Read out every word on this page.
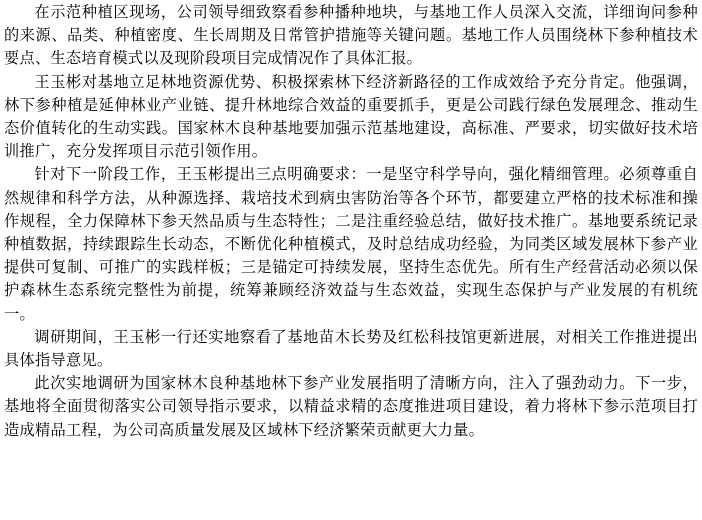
在示范种植区现场，公司领导细致察看参种播种地块，与基地工作人员深入交流，详细询问参种的来源、品类、种植密度、生长周期及日常管护措施等关键问题。基地工作人员围绕林下参种植技术要点、生态培育模式以及现阶段项目完成情况作了具体汇报。

王玉彬对基地立足林地资源优势、积极探索林下经济新路径的工作成效给予充分肯定。他强调，林下参种植是延伸林业产业链、提升林地综合效益的重要抓手，更是公司践行绿色发展理念、推动生态价值转化的生动实践。国家林木良种基地要加强示范基地建设，高标准、严要求，切实做好技术培训推广，充分发挥项目示范引领作用。

针对下一阶段工作，王玉彬提出三点明确要求：一是坚守科学导向，强化精细管理。必须尊重自然规律和科学方法，从种源选择、栽培技术到病虫害防治等各个环节，都要建立严格的技术标准和操作规程，全力保障林下参天然品质与生态特性；二是注重经验总结，做好技术推广。基地要系统记录种植数据，持续跟踪生长动态，不断优化种植模式，及时总结成功经验，为同类区域发展林下参产业提供可复制、可推广的实践样板；三是锚定可持续发展，坚持生态优先。所有生产经营活动必须以保护森林生态系统完整性为前提，统筹兼顾经济效益与生态效益，实现生态保护与产业发展的有机统一。

调研期间，王玉彬一行还实地察看了基地苗木长势及红松科技馆更新进展，对相关工作推进提出具体指导意见。

此次实地调研为国家林木良种基地林下参产业发展指明了清晰方向，注入了强劲动力。下一步，基地将全面贯彻落实公司领导指示要求，以精益求精的态度推进项目建设，着力将林下参示范项目打造成精品工程，为公司高质量发展及区域林下经济繁荣贡献更大力量。
